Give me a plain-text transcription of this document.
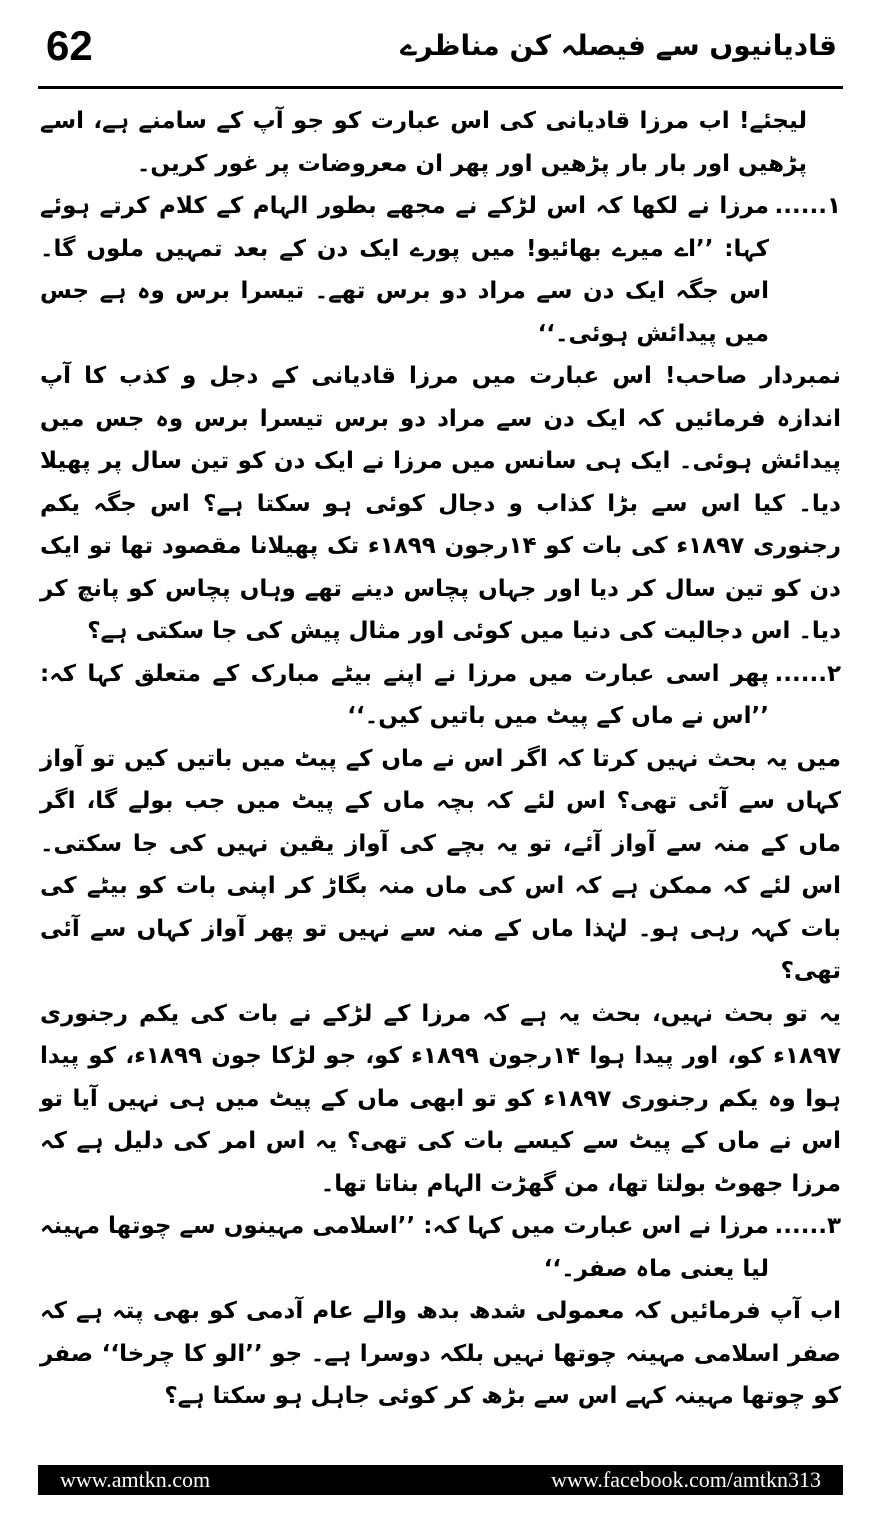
62	قادیانیوں سے فیصلہ کن مناظرے

لیجئے! اب مرزا قادیانی کی اس عبارت کو جو آپ کے سامنے ہے، اسے پڑھیں اور بار بار پڑھیں اور پھر ان معروضات پر غور کریں۔

۱......
مرزا نے لکھا کہ اس لڑکے نے مجھے بطور الہام کے کلام کرتے ہوئے کہا: ’’اے میرے بھائیو! میں پورے ایک دن کے بعد تمہیں ملوں گا۔ اس جگہ ایک دن سے مراد دو برس تھے۔ تیسرا برس وہ ہے جس میں پیدائش ہوئی۔‘‘

نمبردار صاحب! اس عبارت میں مرزا قادیانی کے دجل و کذب کا آپ اندازہ فرمائیں کہ ایک دن سے مراد دو برس تیسرا برس وہ جس میں پیدائش ہوئی۔ ایک ہی سانس میں مرزا نے ایک دن کو تین سال پر پھیلا دیا۔ کیا اس سے بڑا کذاب و دجال کوئی ہو سکتا ہے؟ اس جگہ یکم رجنوری ۱۸۹۷ء کی بات کو ۱۴رجون ۱۸۹۹ء تک پھیلانا مقصود تھا تو ایک دن کو تین سال کر دیا اور جہاں پچاس دینے تھے وہاں پچاس کو پانچ کر دیا۔ اس دجالیت کی دنیا میں کوئی اور مثال پیش کی جا سکتی ہے؟

۲......
پھر اسی عبارت میں مرزا نے اپنے بیٹے مبارک کے متعلق کہا کہ: ’’اس نے ماں کے پیٹ میں باتیں کیں۔‘‘

میں یہ بحث نہیں کرتا کہ اگر اس نے ماں کے پیٹ میں باتیں کیں تو آواز کہاں سے آئی تھی؟ اس لئے کہ بچہ ماں کے پیٹ میں جب بولے گا، اگر ماں کے منہ سے آواز آئے، تو یہ بچے کی آواز یقین نہیں کی جا سکتی۔ اس لئے کہ ممکن ہے کہ اس کی ماں منہ بگاڑ کر اپنی بات کو بیٹے کی بات کہہ رہی ہو۔ لہٰذا ماں کے منہ سے نہیں تو پھر آواز کہاں سے آئی تھی؟

یہ تو بحث نہیں، بحث یہ ہے کہ مرزا کے لڑکے نے بات کی یکم رجنوری ۱۸۹۷ء کو، اور پیدا ہوا ۱۴رجون ۱۸۹۹ء کو، جو لڑکا جون ۱۸۹۹ء، کو پیدا ہوا وہ یکم رجنوری ۱۸۹۷ء کو تو ابھی ماں کے پیٹ میں ہی نہیں آیا تو اس نے ماں کے پیٹ سے کیسے بات کی تھی؟ یہ اس امر کی دلیل ہے کہ مرزا جھوٹ بولتا تھا، من گھڑت الہام بناتا تھا۔

۳......
مرزا نے اس عبارت میں کہا کہ: ’’اسلامی مہینوں سے چوتھا مہینہ لیا یعنی ماہ صفر۔‘‘

اب آپ فرمائیں کہ معمولی شدھ بدھ والے عام آدمی کو بھی پتہ ہے کہ صفر اسلامی مہینہ چوتھا نہیں بلکہ دوسرا ہے۔ جو ’’الو کا چرخا‘‘ صفر کو چوتھا مہینہ کہے اس سے بڑھ کر کوئی جاہل ہو سکتا ہے؟

www.amtkn.com	www.facebook.com/amtkn313
